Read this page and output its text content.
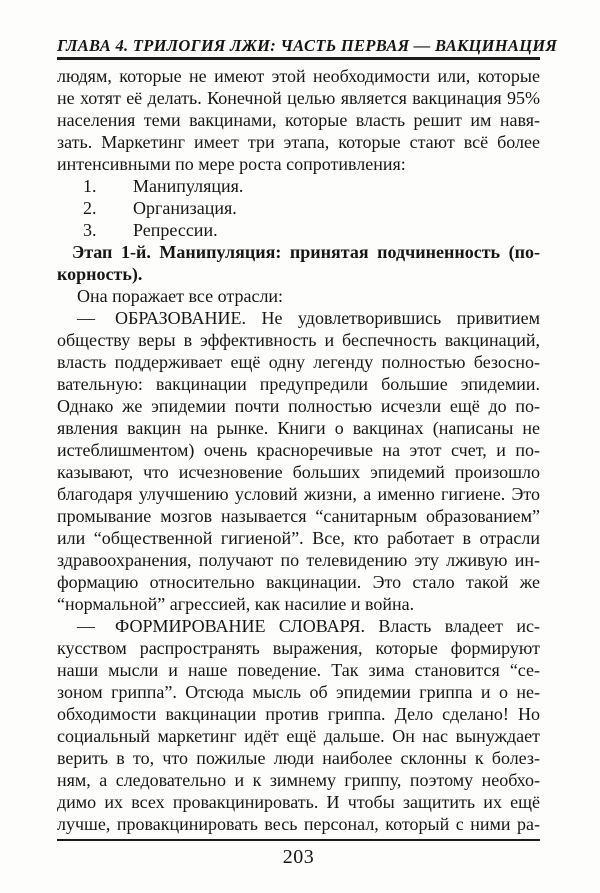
ГЛАВА 4. ТРИЛОГИЯ ЛЖИ: ЧАСТЬ ПЕРВАЯ — ВАКЦИНАЦИЯ
людям, которые не имеют этой необходимости или, которые
не хотят её делать. Конечной целью является вакцинация 95%
населения теми вакцинами, которые власть решит им навя-
зать. Маркетинг имеет три этапа, которые стают всё более
интенсивными по мере роста сопротивления:
1. Манипуляция.
2. Организация.
3. Репрессии.
Этап 1-й. Манипуляция: принятая подчиненность (по-
корность).
Она поражает все отрасли:
— ОБРАЗОВАНИЕ. Не удовлетворившись привитием
обществу веры в эффективность и беспечность вакцинаций,
власть поддерживает ещё одну легенду полностью безосно-
вательную: вакцинации предупредили большие эпидемии.
Однако же эпидемии почти полностью исчезли ещё до по-
явления вакцин на рынке. Книги о вакцинах (написаны не
истеблишментом) очень красноречивые на этот счет, и по-
казывают, что исчезновение больших эпидемий произошло
благодаря улучшению условий жизни, а именно гигиене. Это
промывание мозгов называется “санитарным образованием”
или “общественной гигиеной”. Все, кто работает в отрасли
здравоохранения, получают по телевидению эту лживую ин-
формацию относительно вакцинации. Это стало такой же
“нормальной” агрессией, как насилие и война.
— ФОРМИРОВАНИЕ СЛОВАРЯ. Власть владеет ис-
кусством распространять выражения, которые формируют
наши мысли и наше поведение. Так зима становится “се-
зоном гриппа”. Отсюда мысль об эпидемии гриппа и о не-
обходимости вакцинации против гриппа. Дело сделано! Но
социальный маркетинг идёт ещё дальше. Он нас вынуждает
верить в то, что пожилые люди наиболее склонны к болез-
ням, а следовательно и к зимнему гриппу, поэтому необхо-
димо их всех провакцинировать. И чтобы защитить их ещё
лучше, провакцинировать весь персонал, который с ними ра-
203
